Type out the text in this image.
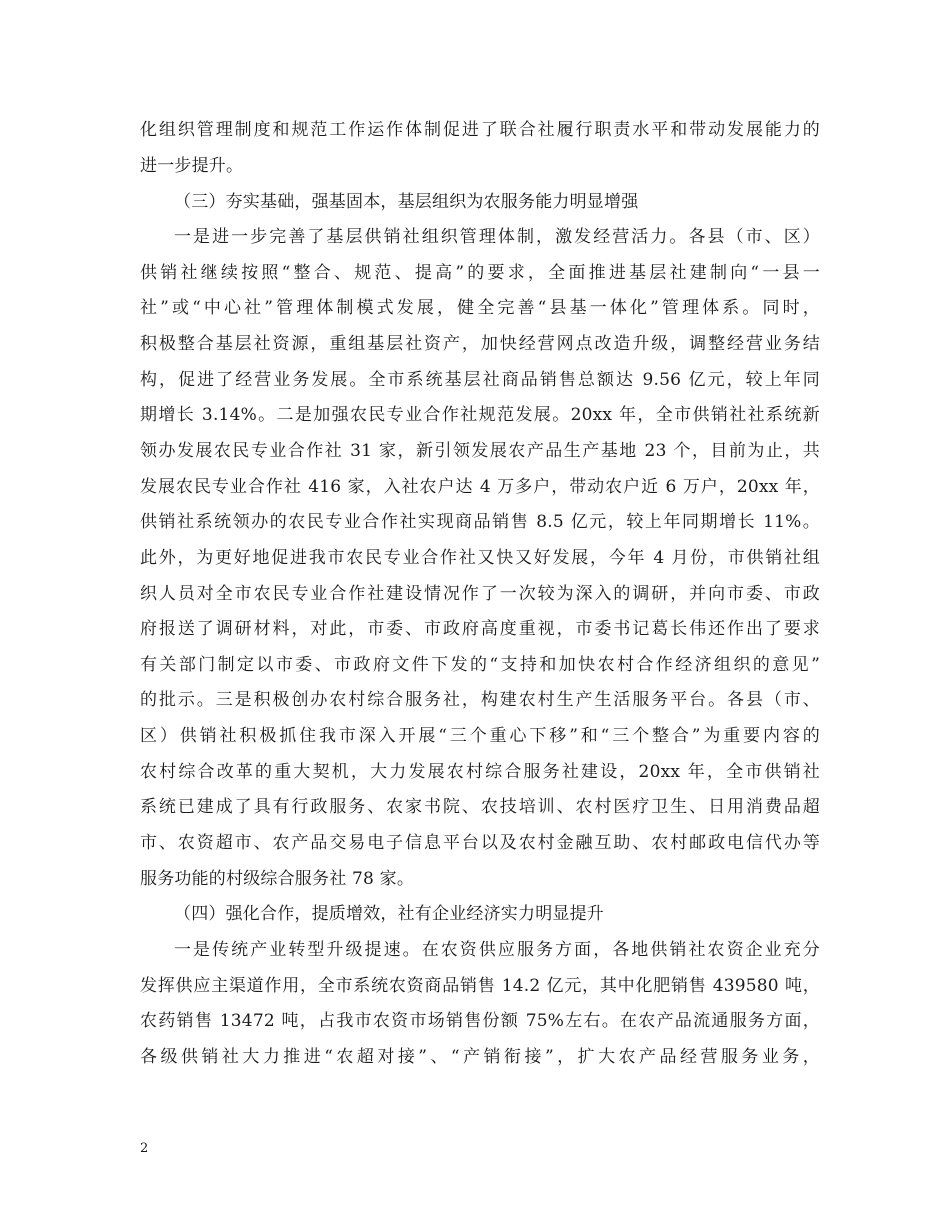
化组织管理制度和规范工作运作体制促进了联合社履行职责水平和带动发展能力的
进一步提升。
（三）夯实基础，强基固本，基层组织为农服务能力明显增强
一是进一步完善了基层供销社组织管理体制，激发经营活力。各县（市、区）
供销社继续按照“整合、规范、提高”的要求，全面推进基层社建制向“一县一
社”或“中心社”管理体制模式发展，健全完善“县基一体化”管理体系。同时，
积极整合基层社资源，重组基层社资产，加快经营网点改造升级，调整经营业务结
构，促进了经营业务发展。全市系统基层社商品销售总额达 9.56 亿元，较上年同
期增长 3.14%。二是加强农民专业合作社规范发展。20xx 年，全市供销社社系统新
领办发展农民专业合作社 31 家，新引领发展农产品生产基地 23 个，目前为止，共
发展农民专业合作社 416 家，入社农户达 4 万多户，带动农户近 6 万户，20xx 年，
供销社系统领办的农民专业合作社实现商品销售 8.5 亿元，较上年同期增长 11%。
此外，为更好地促进我市农民专业合作社又快又好发展，今年 4 月份，市供销社组
织人员对全市农民专业合作社建设情况作了一次较为深入的调研，并向市委、市政
府报送了调研材料，对此，市委、市政府高度重视，市委书记葛长伟还作出了要求
有关部门制定以市委、市政府文件下发的“支持和加快农村合作经济组织的意见”
的批示。三是积极创办农村综合服务社，构建农村生产生活服务平台。各县（市、
区）供销社积极抓住我市深入开展“三个重心下移”和“三个整合”为重要内容的
农村综合改革的重大契机，大力发展农村综合服务社建设，20xx 年，全市供销社
系统已建成了具有行政服务、农家书院、农技培训、农村医疗卫生、日用消费品超
市、农资超市、农产品交易电子信息平台以及农村金融互助、农村邮政电信代办等
服务功能的村级综合服务社 78 家。
（四）强化合作，提质增效，社有企业经济实力明显提升
一是传统产业转型升级提速。在农资供应服务方面，各地供销社农资企业充分
发挥供应主渠道作用，全市系统农资商品销售 14.2 亿元，其中化肥销售 439580 吨，
农药销售 13472 吨，占我市农资市场销售份额 75%左右。在农产品流通服务方面，
各级供销社大力推进“农超对接”、“产销衔接”，扩大农产品经营服务业务，
2
